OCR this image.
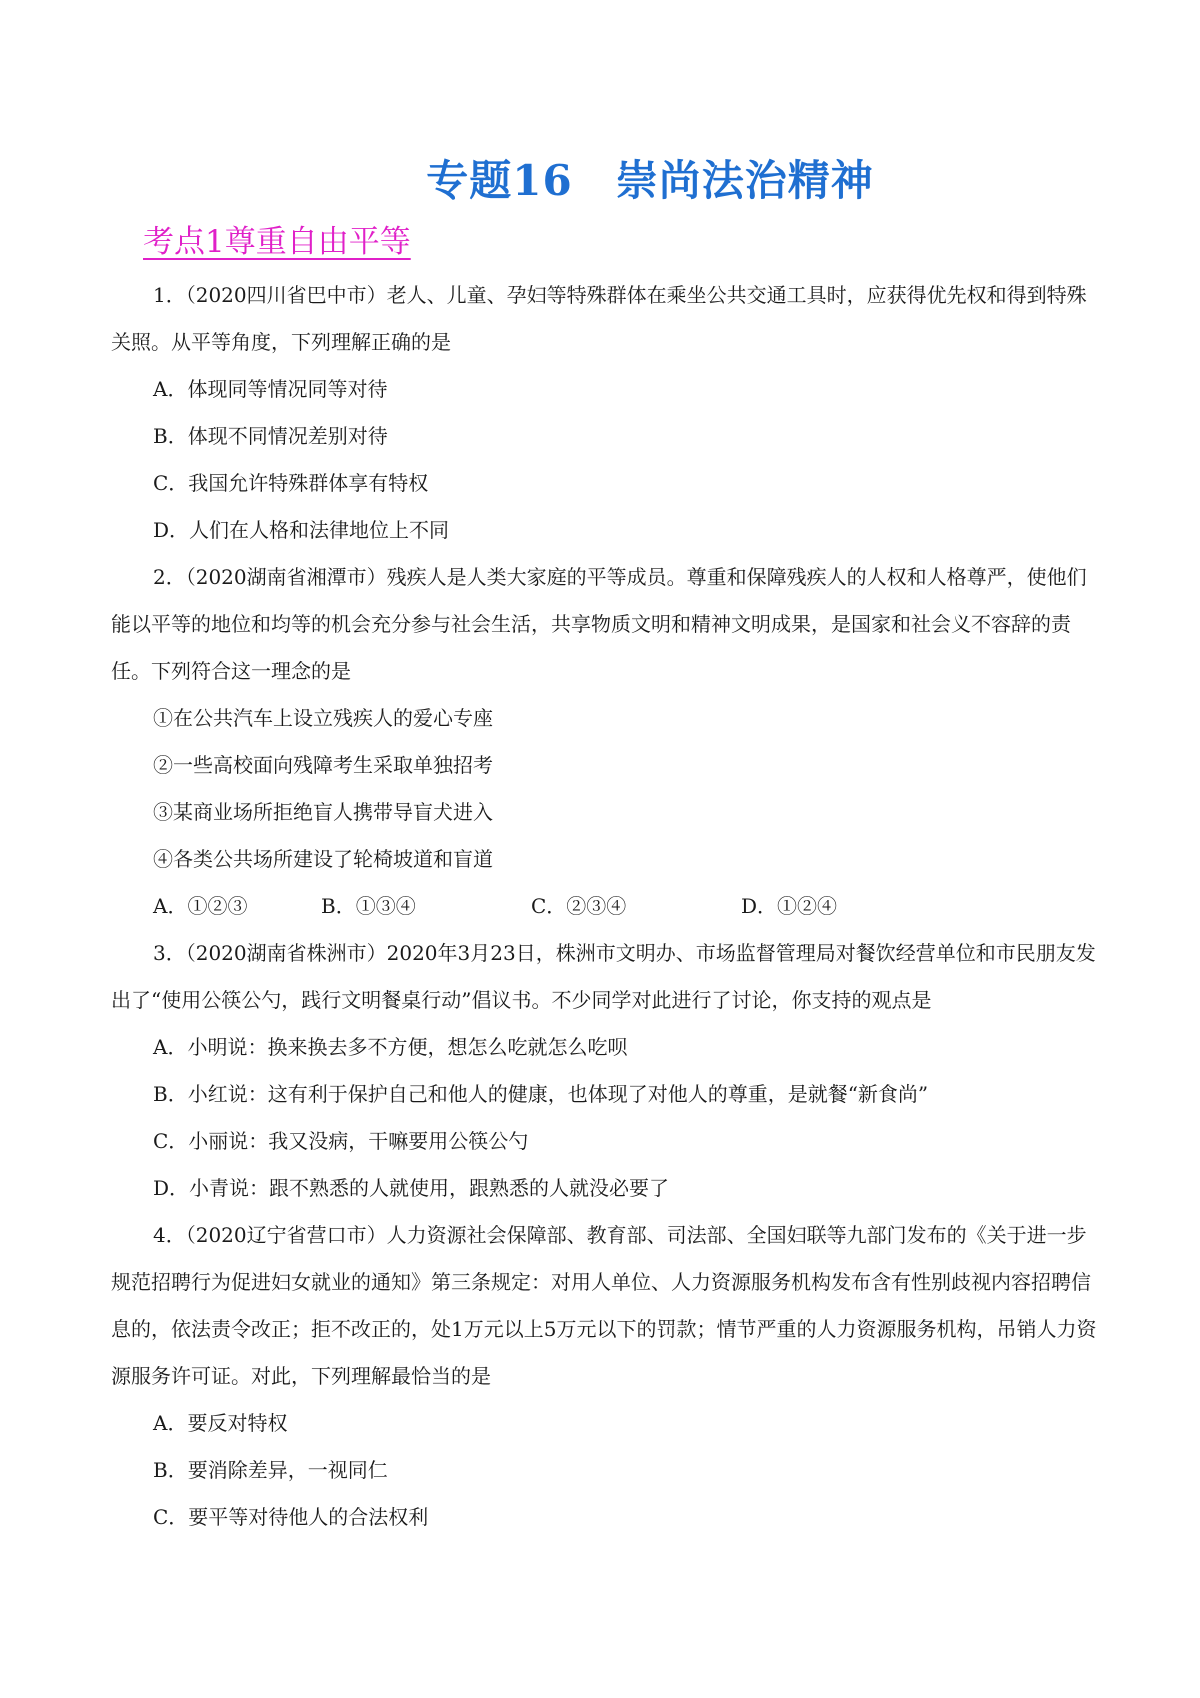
专题16　崇尚法治精神
考点1尊重自由平等

1．（2020四川省巴中市）老人、儿童、孕妇等特殊群体在乘坐公共交通工具时，应获得优先权和得到特殊关照。从平等角度，下列理解正确的是

A．体现同等情况同等对待

B．体现不同情况差别对待

C．我国允许特殊群体享有特权

D．人们在人格和法律地位上不同

2．（2020湖南省湘潭市）残疾人是人类大家庭的平等成员。尊重和保障残疾人的人权和人格尊严，使他们能以平等的地位和均等的机会充分参与社会生活，共享物质文明和精神文明成果，是国家和社会义不容辞的责任。下列符合这一理念的是

①在公共汽车上设立残疾人的爱心专座

②一些高校面向残障考生采取单独招考

③某商业场所拒绝盲人携带导盲犬进入

④各类公共场所建设了轮椅坡道和盲道

A．①②③	B．①③④	C．②③④	D．①②④

3．（2020湖南省株洲市）2020年3月23日，株洲市文明办、市场监督管理局对餐饮经营单位和市民朋友发出了“使用公筷公勺，践行文明餐桌行动”倡议书。不少同学对此进行了讨论，你支持的观点是

A．小明说：换来换去多不方便，想怎么吃就怎么吃呗

B．小红说：这有利于保护自己和他人的健康，也体现了对他人的尊重，是就餐“新食尚”

C．小丽说：我又没病，干嘛要用公筷公勺

D．小青说：跟不熟悉的人就使用，跟熟悉的人就没必要了

4．（2020辽宁省营口市）人力资源社会保障部、教育部、司法部、全国妇联等九部门发布的《关于进一步规范招聘行为促进妇女就业的通知》第三条规定：对用人单位、人力资源服务机构发布含有性别歧视内容招聘信息的，依法责令改正；拒不改正的，处1万元以上5万元以下的罚款；情节严重的人力资源服务机构，吊销人力资源服务许可证。对此，下列理解最恰当的是

A．要反对特权

B．要消除差异，一视同仁

C．要平等对待他人的合法权利
